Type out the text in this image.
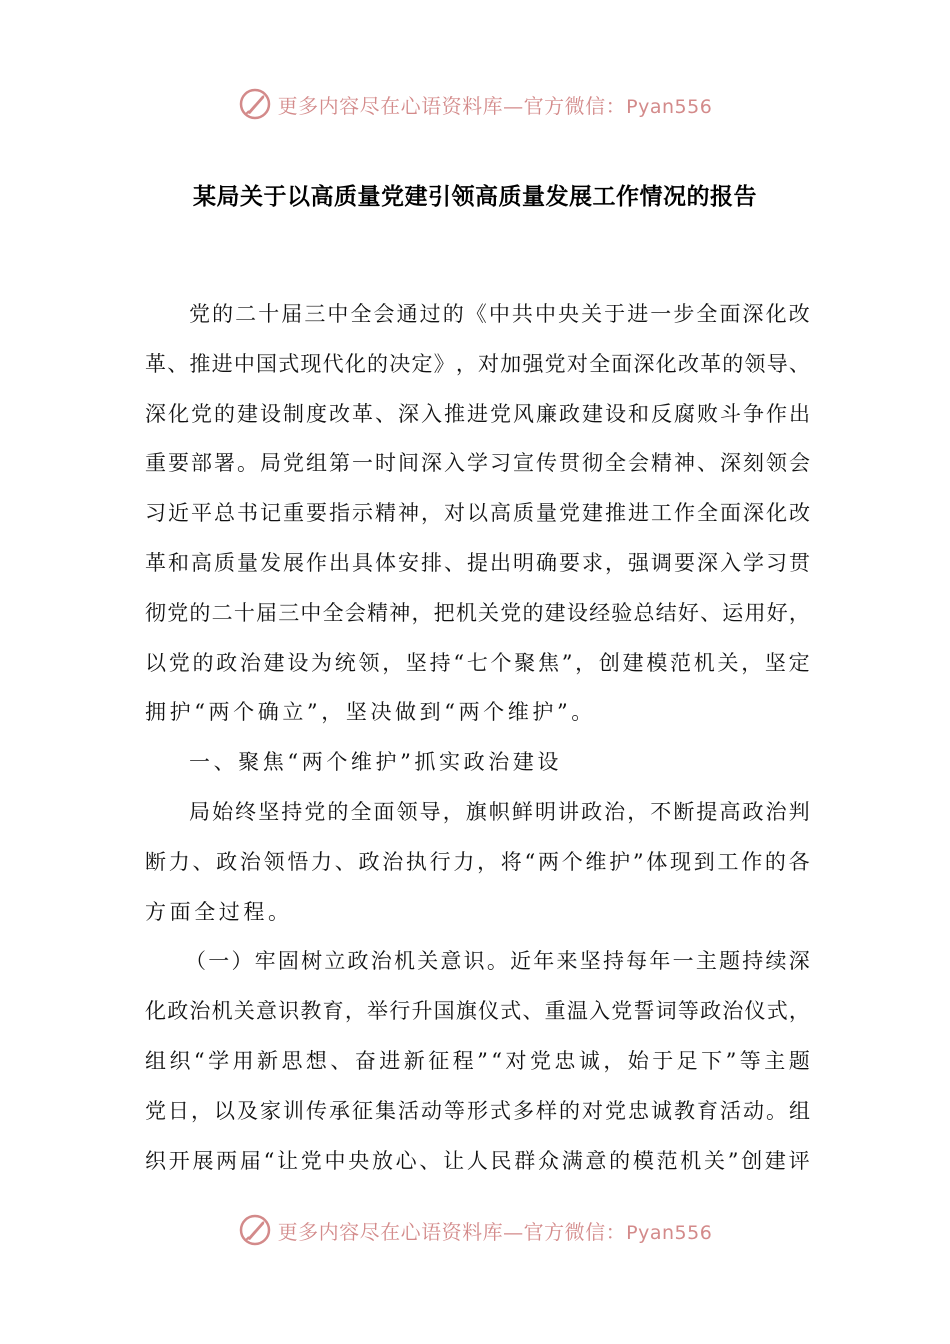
更多内容尽在心语资料库—官方微信：Pyan556
某局关于以高质量党建引领高质量发展工作情况的报告
党 的 二 十 届 三 中 全 会 通 过 的 《 中 共 中 央 关 于 进 一 步 全 面 深 化 改
革 、 推 进 中 国 式 现 代 化 的 决 定 》 ， 对 加 强 党 对 全 面 深 化 改 革 的 领 导 、
深 化 党 的 建 设 制 度 改 革 、 深 入 推 进 党 风 廉 政 建 设 和 反 腐 败 斗 争 作 出
重 要 部 署 。 局 党 组 第 一 时 间 深 入 学 习 宣 传 贯 彻 全 会 精 神 、 深 刻 领 会
习 近 平 总 书 记 重 要 指 示 精 神 ， 对 以 高 质 量 党 建 推 进 工 作 全 面 深 化 改
革 和 高 质 量 发 展 作 出 具 体 安 排 、 提 出 明 确 要 求 ， 强 调 要 深 入 学 习 贯
彻 党 的 二 十 届 三 中 全 会 精 神 ， 把 机 关 党 的 建 设 经 验 总 结 好 、 运 用 好 ，
以 党 的 政 治 建 设 为 统 领 ， 坚 持 “ 七 个 聚 焦 ” ， 创 建 模 范 机 关 ， 坚 定
拥 护 “ 两 个 确 立 ” ， 坚 决 做 到 “ 两 个 维 护 ” 。
一 、 聚 焦 “ 两 个 维 护 ” 抓 实 政 治 建 设
局 始 终 坚 持 党 的 全 面 领 导 ， 旗 帜 鲜 明 讲 政 治 ， 不 断 提 高 政 治 判
断 力 、 政 治 领 悟 力 、 政 治 执 行 力 ， 将 “ 两 个 维 护 ” 体 现 到 工 作 的 各
方 面 全 过 程 。
（ 一 ） 牢 固 树 立 政 治 机 关 意 识 。 近 年 来 坚 持 每 年 一 主 题 持 续 深
化 政 治 机 关 意 识 教 育 ， 举 行 升 国 旗 仪 式 、 重 温 入 党 誓 词 等 政 治 仪 式 ，
组 织 “ 学 用 新 思 想 、 奋 进 新 征 程 ” “ 对 党 忠 诚 ， 始 于 足 下 ” 等 主 题
党 日 ， 以 及 家 训 传 承 征 集 活 动 等 形 式 多 样 的 对 党 忠 诚 教 育 活 动 。 组
织 开 展 两 届 “ 让 党 中 央 放 心 、 让 人 民 群 众 满 意 的 模 范 机 关 ” 创 建 评
更多内容尽在心语资料库—官方微信：Pyan556
